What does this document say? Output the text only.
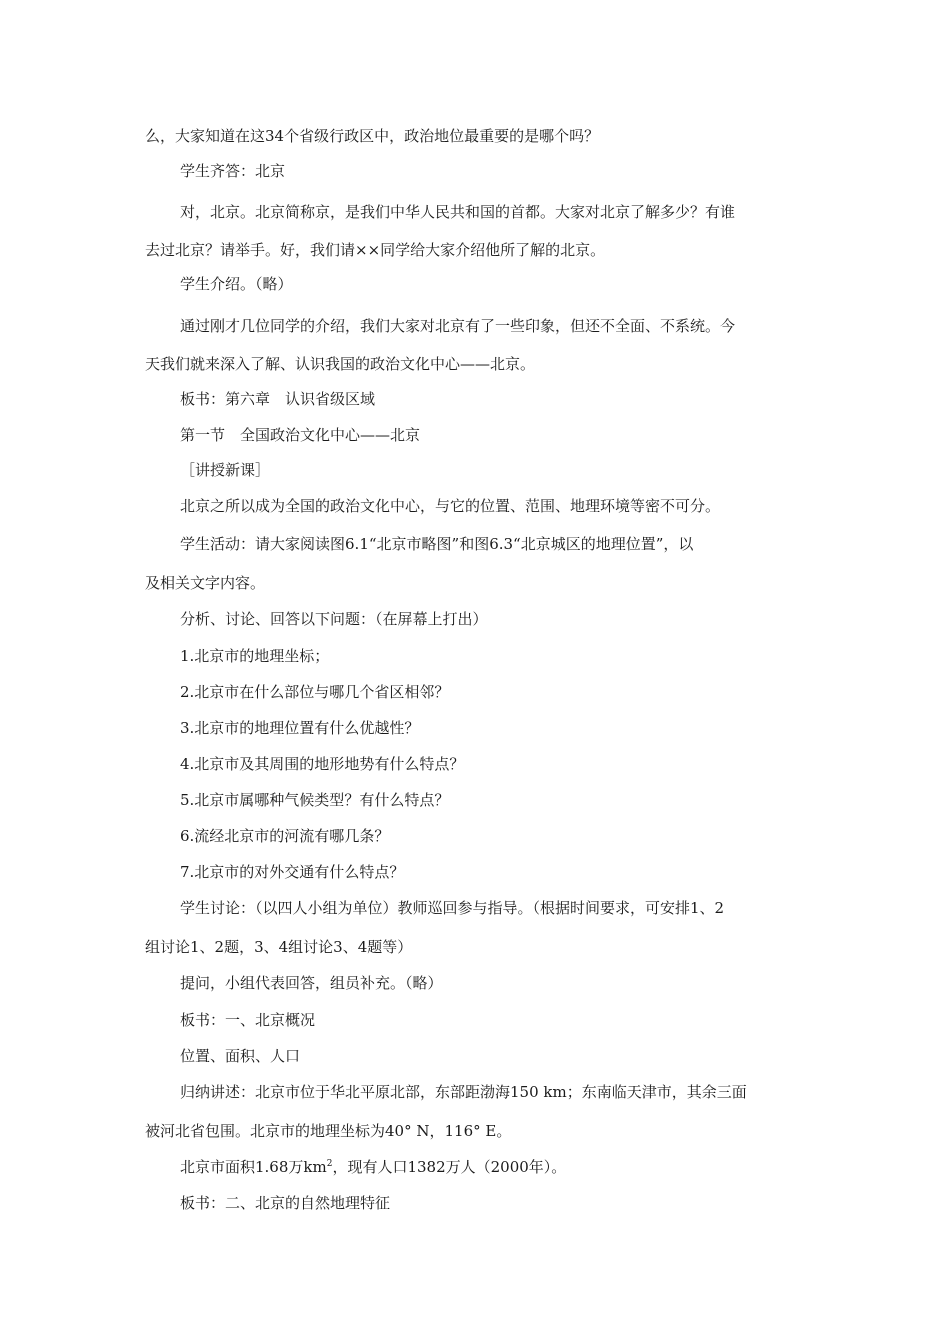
么，大家知道在这34个省级行政区中，政治地位最重要的是哪个吗？
学生齐答：北京
对，北京。北京简称京，是我们中华人民共和国的首都。大家对北京了解多少？有谁
去过北京？请举手。好，我们请××同学给大家介绍他所了解的北京。
学生介绍。（略）
通过刚才几位同学的介绍，我们大家对北京有了一些印象，但还不全面、不系统。今
天我们就来深入了解、认识我国的政治文化中心——北京。
板书：第六章　认识省级区域
第一节　全国政治文化中心——北京
［讲授新课］
北京之所以成为全国的政治文化中心，与它的位置、范围、地理环境等密不可分。
学生活动：请大家阅读图6.1“北京市略图”和图6.3“北京城区的地理位置”，以
及相关文字内容。
分析、讨论、回答以下问题：（在屏幕上打出）
1.北京市的地理坐标；
2.北京市在什么部位与哪几个省区相邻？
3.北京市的地理位置有什么优越性？
4.北京市及其周围的地形地势有什么特点？
5.北京市属哪种气候类型？有什么特点？
6.流经北京市的河流有哪几条？
7.北京市的对外交通有什么特点？
学生讨论：（以四人小组为单位）教师巡回参与指导。（根据时间要求，可安排1、2
组讨论1、2题，3、4组讨论3、4题等）
提问，小组代表回答，组员补充。（略）
板书：一、北京概况
位置、面积、人口
归纳讲述：北京市位于华北平原北部，东部距渤海150 km；东南临天津市，其余三面
被河北省包围。北京市的地理坐标为40° N，116° E。
北京市面积1.68万$km^2$，现有人口1382万人（2000年）。
板书：二、北京的自然地理特征
